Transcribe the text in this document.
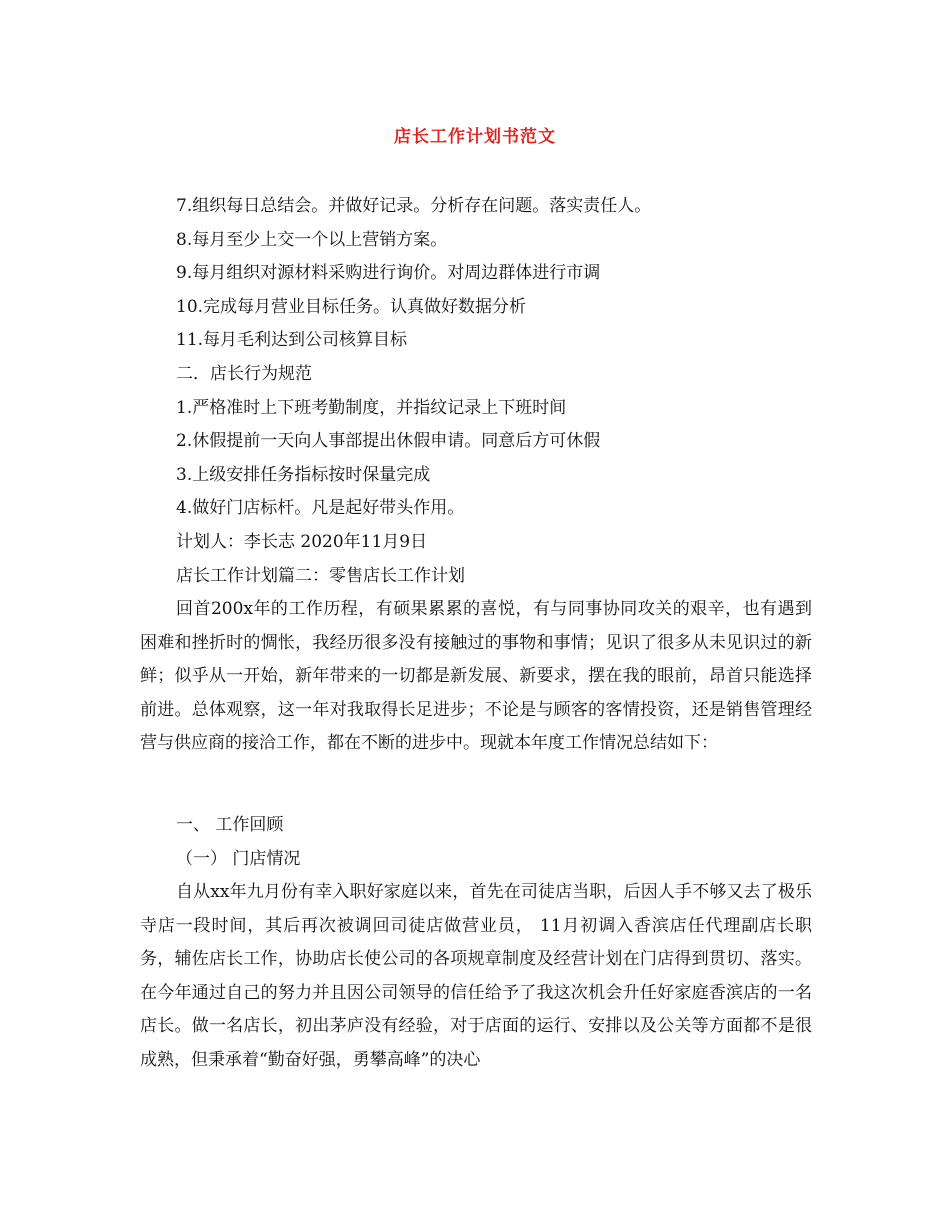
店长工作计划书范文
7.组织每日总结会。并做好记录。分析存在问题。落实责任人。
8.每月至少上交一个以上营销方案。
9.每月组织对源材料采购进行询价。对周边群体进行市调
10.完成每月营业目标任务。认真做好数据分析
11.每月毛利达到公司核算目标
二．店长行为规范
1.严格准时上下班考勤制度，并指纹记录上下班时间
2.休假提前一天向人事部提出休假申请。同意后方可休假
3.上级安排任务指标按时保量完成
4.做好门店标杆。凡是起好带头作用。
计划人：李长志 2020年11月9日
店长工作计划篇二：零售店长工作计划
回首200x年的工作历程，有硕果累累的喜悦，有与同事协同攻关的艰辛，也有遇到困难和挫折时的惆怅，我经历很多没有接触过的事物和事情；见识了很多从未见识过的新鲜；似乎从一开始，新年带来的一切都是新发展、新要求，摆在我的眼前，昂首只能选择前进。总体观察，这一年对我取得长足进步；不论是与顾客的客情投资，还是销售管理经营与供应商的接洽工作，都在不断的进步中。现就本年度工作情况总结如下：
一、 工作回顾
（一） 门店情况
自从xx年九月份有幸入职好家庭以来，首先在司徒店当职，后因人手不够又去了极乐寺店一段时间，其后再次被调回司徒店做营业员， 11月初调入香滨店任代理副店长职务，辅佐店长工作，协助店长使公司的各项规章制度及经营计划在门店得到贯切、落实。在今年通过自己的努力并且因公司领导的信任给予了我这次机会升任好家庭香滨店的一名店长。做一名店长，初出茅庐没有经验，对于店面的运行、安排以及公关等方面都不是很成熟，但秉承着“勤奋好强，勇攀高峰”的决心
